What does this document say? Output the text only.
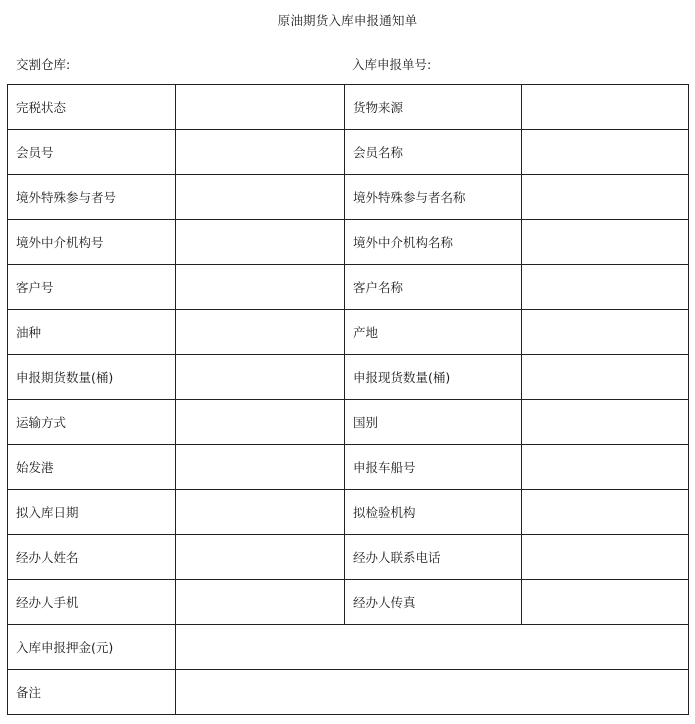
原油期货入库申报通知单
交割仓库:	入库申报单号:
完税状态		货物来源	
会员号		会员名称	
境外特殊参与者号		境外特殊参与者名称	
境外中介机构号		境外中介机构名称	
客户号		客户名称	
油种		产地	
申报期货数量(桶)		申报现货数量(桶)	
运输方式		国别	
始发港		申报车船号	
拟入库日期		拟检验机构	
经办人姓名		经办人联系电话	
经办人手机		经办人传真	
入库申报押金(元)			
备注			
